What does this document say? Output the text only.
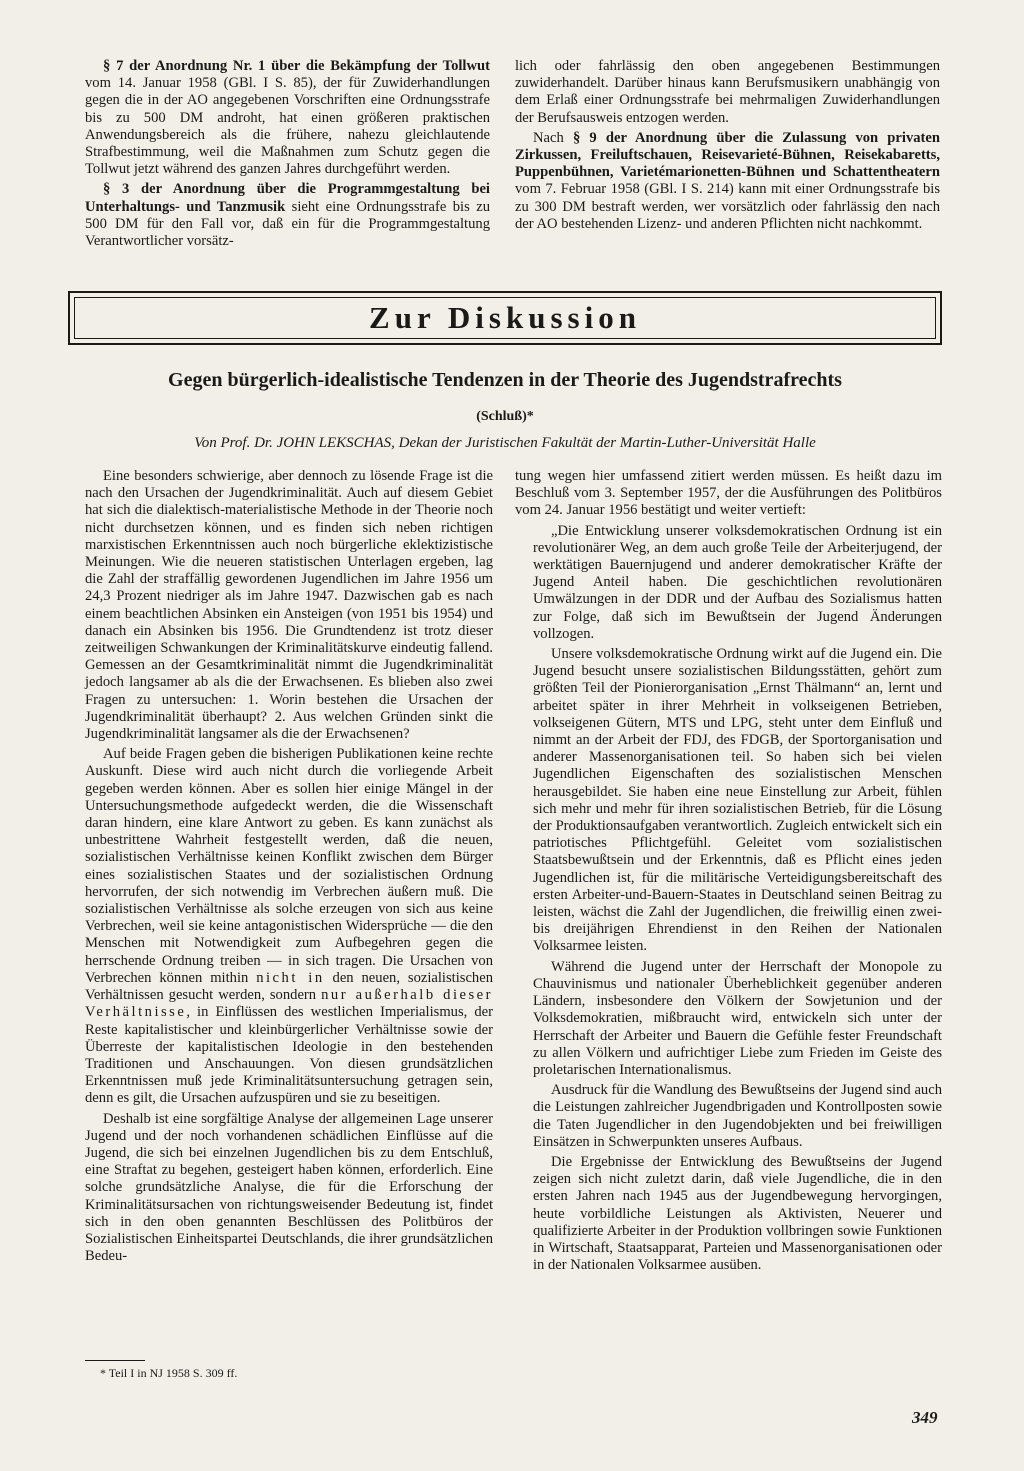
§ 7 der Anordnung Nr. 1 über die Bekämpfung der Tollwut vom 14. Januar 1958 (GBl. I S. 85), der für Zuwiderhandlungen gegen die in der AO angegebenen Vorschriften eine Ordnungsstrafe bis zu 500 DM androht, hat einen größeren praktischen Anwendungsbereich als die frühere, nahezu gleichlautende Strafbestimmung, weil die Maßnahmen zum Schutz gegen die Tollwut jetzt während des ganzen Jahres durchgeführt werden.

§ 3 der Anordnung über die Programmgestaltung bei Unterhaltungs- und Tanzmusik sieht eine Ordnungsstrafe bis zu 500 DM für den Fall vor, daß ein für die Programmgestaltung Verantwortlicher vorsätz-

lich oder fahrlässig den oben angegebenen Bestimmungen zuwiderhandelt. Darüber hinaus kann Berufsmusikern unabhängig von dem Erlaß einer Ordnungsstrafe bei mehrmaligen Zuwiderhandlungen der Berufsausweis entzogen werden.

Nach § 9 der Anordnung über die Zulassung von privaten Zirkussen, Freiluftschauen, Reisevarieté-Bühnen, Reisekabaretts, Puppenbühnen, Varietémarionetten-Bühnen und Schattentheatern vom 7. Februar 1958 (GBl. I S. 214) kann mit einer Ordnungsstrafe bis zu 300 DM bestraft werden, wer vorsätzlich oder fahrlässig den nach der AO bestehenden Lizenz- und anderen Pflichten nicht nachkommt.

Zur Diskussion
Gegen bürgerlich-idealistische Tendenzen in der Theorie des Jugendstrafrechts
(Schluß)*
Von Prof. Dr. JOHN LEKSCHAS, Dekan der Juristischen Fakultät der Martin-Luther-Universität Halle

Eine besonders schwierige, aber dennoch zu lösende Frage ist die nach den Ursachen der Jugendkriminalität. Auch auf diesem Gebiet hat sich die dialektisch-materialistische Methode in der Theorie noch nicht durchsetzen können, und es finden sich neben richtigen marxistischen Erkenntnissen auch noch bürgerliche eklektizistische Meinungen. Wie die neueren statistischen Unterlagen ergeben, lag die Zahl der straffällig gewordenen Jugendlichen im Jahre 1956 um 24,3 Prozent niedriger als im Jahre 1947. Dazwischen gab es nach einem beachtlichen Absinken ein Ansteigen (von 1951 bis 1954) und danach ein Absinken bis 1956. Die Grundtendenz ist trotz dieser zeitweiligen Schwankungen der Kriminalitätskurve eindeutig fallend. Gemessen an der Gesamtkriminalität nimmt die Jugendkriminalität jedoch langsamer ab als die der Erwachsenen. Es blieben also zwei Fragen zu untersuchen: 1. Worin bestehen die Ursachen der Jugendkriminalität überhaupt? 2. Aus welchen Gründen sinkt die Jugendkriminalität langsamer als die der Erwachsenen?

Auf beide Fragen geben die bisherigen Publikationen keine rechte Auskunft. Diese wird auch nicht durch die vorliegende Arbeit gegeben werden können. Aber es sollen hier einige Mängel in der Untersuchungsmethode aufgedeckt werden, die die Wissenschaft daran hindern, eine klare Antwort zu geben. Es kann zunächst als unbestrittene Wahrheit festgestellt werden, daß die neuen, sozialistischen Verhältnisse keinen Konflikt zwischen dem Bürger eines sozialistischen Staates und der sozialistischen Ordnung hervorrufen, der sich notwendig im Verbrechen äußern muß. Die sozialistischen Verhältnisse als solche erzeugen von sich aus keine Verbrechen, weil sie keine antagonistischen Widersprüche — die den Menschen mit Notwendigkeit zum Aufbegehren gegen die herrschende Ordnung treiben — in sich tragen. Die Ursachen von Verbrechen können mithin nicht in den neuen, sozialistischen Verhältnissen gesucht werden, sondern nur außerhalb dieser Verhältnisse, in Einflüssen des westlichen Imperialismus, der Reste kapitalistischer und kleinbürgerlicher Verhältnisse sowie der Überreste der kapitalistischen Ideologie in den bestehenden Traditionen und Anschauungen. Von diesen grundsätzlichen Erkenntnissen muß jede Kriminalitätsuntersuchung getragen sein, denn es gilt, die Ursachen aufzuspüren und sie zu beseitigen.

Deshalb ist eine sorgfältige Analyse der allgemeinen Lage unserer Jugend und der noch vorhandenen schädlichen Einflüsse auf die Jugend, die sich bei einzelnen Jugendlichen bis zu dem Entschluß, eine Straftat zu begehen, gesteigert haben können, erforderlich. Eine solche grundsätzliche Analyse, die für die Erforschung der Kriminalitätsursachen von richtungsweisender Bedeutung ist, findet sich in den oben genannten Beschlüssen des Politbüros der Sozialistischen Einheitspartei Deutschlands, die ihrer grundsätzlichen Bedeu-

tung wegen hier umfassend zitiert werden müssen. Es heißt dazu im Beschluß vom 3. September 1957, der die Ausführungen des Politbüros vom 24. Januar 1956 bestätigt und weiter vertieft:

„Die Entwicklung unserer volksdemokratischen Ordnung ist ein revolutionärer Weg, an dem auch große Teile der Arbeiterjugend, der werktätigen Bauernjugend und anderer demokratischer Kräfte der Jugend Anteil haben. Die geschichtlichen revolutionären Umwälzungen in der DDR und der Aufbau des Sozialismus hatten zur Folge, daß sich im Bewußtsein der Jugend Änderungen vollzogen.

Unsere volksdemokratische Ordnung wirkt auf die Jugend ein. Die Jugend besucht unsere sozialistischen Bildungsstätten, gehört zum größten Teil der Pionierorganisation „Ernst Thälmann“ an, lernt und arbeitet später in ihrer Mehrheit in volkseigenen Betrieben, volkseigenen Gütern, MTS und LPG, steht unter dem Einfluß und nimmt an der Arbeit der FDJ, des FDGB, der Sportorganisation und anderer Massenorganisationen teil. So haben sich bei vielen Jugendlichen Eigenschaften des sozialistischen Menschen herausgebildet. Sie haben eine neue Einstellung zur Arbeit, fühlen sich mehr und mehr für ihren sozialistischen Betrieb, für die Lösung der Produktionsaufgaben verantwortlich. Zugleich entwickelt sich ein patriotisches Pflichtgefühl. Geleitet vom sozialistischen Staatsbewußtsein und der Erkenntnis, daß es Pflicht eines jeden Jugendlichen ist, für die militärische Verteidigungsbereitschaft des ersten Arbeiter-und-Bauern-Staates in Deutschland seinen Beitrag zu leisten, wächst die Zahl der Jugendlichen, die freiwillig einen zwei- bis dreijährigen Ehrendienst in den Reihen der Nationalen Volksarmee leisten.

Während die Jugend unter der Herrschaft der Monopole zu Chauvinismus und nationaler Überheblichkeit gegenüber anderen Ländern, insbesondere den Völkern der Sowjetunion und der Volksdemokratien, mißbraucht wird, entwickeln sich unter der Herrschaft der Arbeiter und Bauern die Gefühle fester Freundschaft zu allen Völkern und aufrichtiger Liebe zum Frieden im Geiste des proletarischen Internationalismus.

Ausdruck für die Wandlung des Bewußtseins der Jugend sind auch die Leistungen zahlreicher Jugendbrigaden und Kontrollposten sowie die Taten Jugendlicher in den Jugendobjekten und bei freiwilligen Einsätzen in Schwerpunkten unseres Aufbaus.

Die Ergebnisse der Entwicklung des Bewußtseins der Jugend zeigen sich nicht zuletzt darin, daß viele Jugendliche, die in den ersten Jahren nach 1945 aus der Jugendbewegung hervorgingen, heute vorbildliche Leistungen als Aktivisten, Neuerer und qualifizierte Arbeiter in der Produktion vollbringen sowie Funktionen in Wirtschaft, Staatsapparat, Parteien und Massenorganisationen oder in der Nationalen Volksarmee ausüben.

* Teil I in NJ 1958 S. 309 ff.
349
